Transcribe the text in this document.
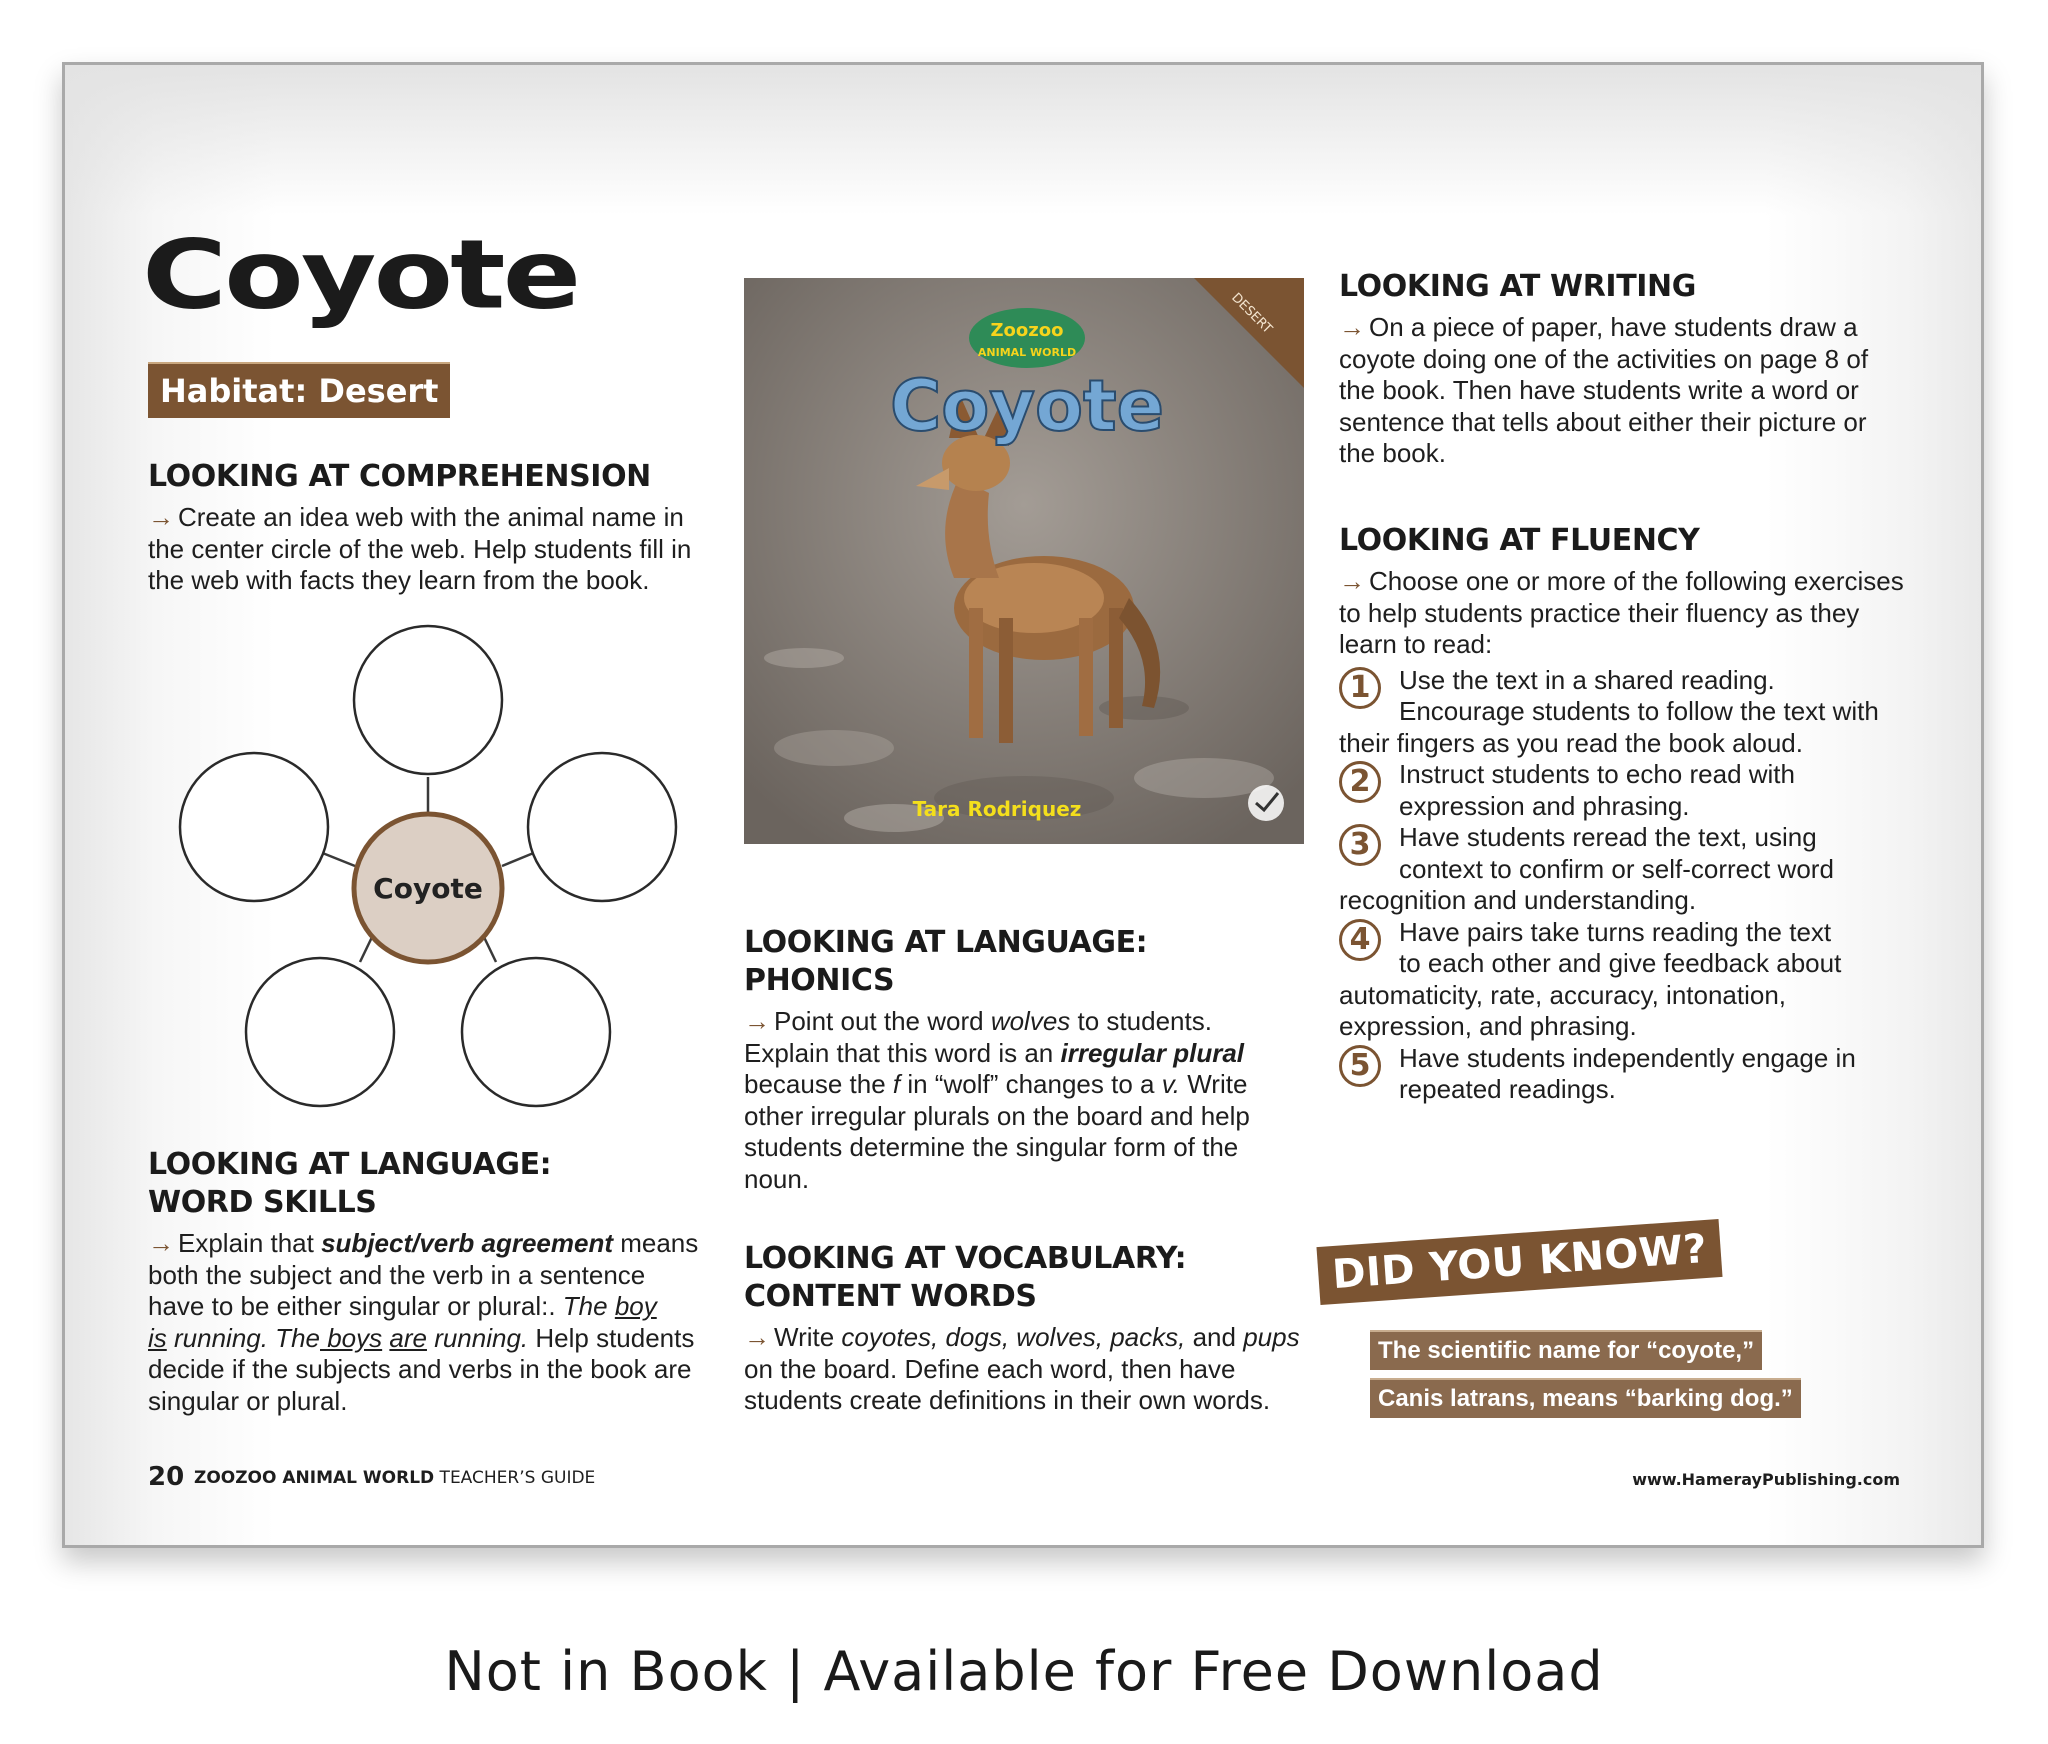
Coyote
Habitat: Desert
LOOKING AT COMPREHENSION

→ Create an idea web with the animal name in the center circle of the web. Help students fill in the web with facts they learn from the book.

Coyote
LOOKING AT LANGUAGE:
WORD SKILLS

→ Explain that subject/verb agreement means both the subject and the verb in a sentence have to be either singular or plural:. The boy
is running. The boys are running. Help students decide if the subjects and verbs in the book are singular or plural.

DESERT
Zoozoo
ANIMAL WORLD
Coyote
Tara Rodriquez
LOOKING AT LANGUAGE:
PHONICS

→ Point out the word wolves to students. Explain that this word is an irregular plural because the f in “wolf” changes to a v. Write other irregular plurals on the board and help students determine the singular form of the noun.

LOOKING AT VOCABULARY:
CONTENT WORDS

→ Write coyotes, dogs, wolves, packs, and pups on the board. Define each word, then have students create definitions in their own words.

LOOKING AT WRITING

→ On a piece of paper, have students draw a coyote doing one of the activities on page 8 of the book. Then have students write a word or sentence that tells about either their picture or the book.

LOOKING AT FLUENCY

→ Choose one or more of the following exercises to help students practice their fluency as they learn to read:

1	Use the text in a shared reading.
Encourage students to follow the text with
their fingers as you read the book aloud.
2	Instruct students to echo read with
expression and phrasing.
3	Have students reread the text, using
context to confirm or self-correct word
recognition and understanding.
4	Have pairs take turns reading the text
to each other and give feedback about
automaticity, rate, accuracy, intonation, expression, and phrasing.
5	Have students independently engage in
repeated readings.
DID YOU KNOW?
The scientific name for “coyote,”
Canis latrans, means “barking dog.”
20 ZOOZOO ANIMAL WORLD TEACHER’S GUIDE	www.HamerayPublishing.com
Not in Book | Available for Free Download
